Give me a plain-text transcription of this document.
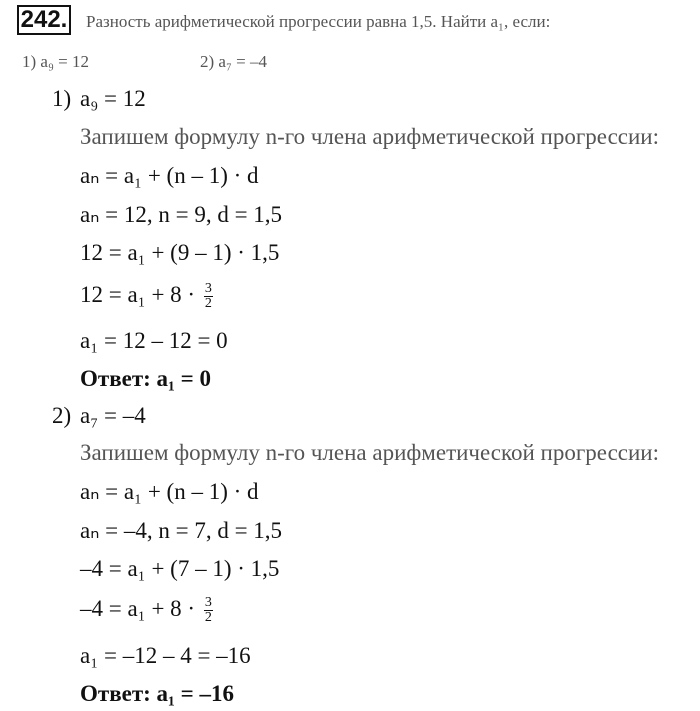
242. Разность арифметической прогрессии равна 1,5. Найти a₁, если:
1) a₉ = 12	2) a₇ = –4
1) a₉ = 12
Запишем формулу n-го члена арифметической прогрессии:
aₙ = a₁ + (n – 1) · d
aₙ = 12, n = 9, d = 1,5
12 = a₁ + (9 – 1) · 1,5
$12 = a_1 + 8 \cdot \frac{3}{2}$
a₁ = 12 – 12 = 0
Ответ: a₁ = 0
2) a₇ = –4
Запишем формулу n-го члена арифметической прогрессии:
aₙ = a₁ + (n – 1) · d
aₙ = –4, n = 7, d = 1,5
–4 = a₁ + (7 – 1) · 1,5
$-4 = a_1 + 8 \cdot \frac{3}{2}$
a₁ = –12 – 4 = –16
Ответ: a₁ = –16
